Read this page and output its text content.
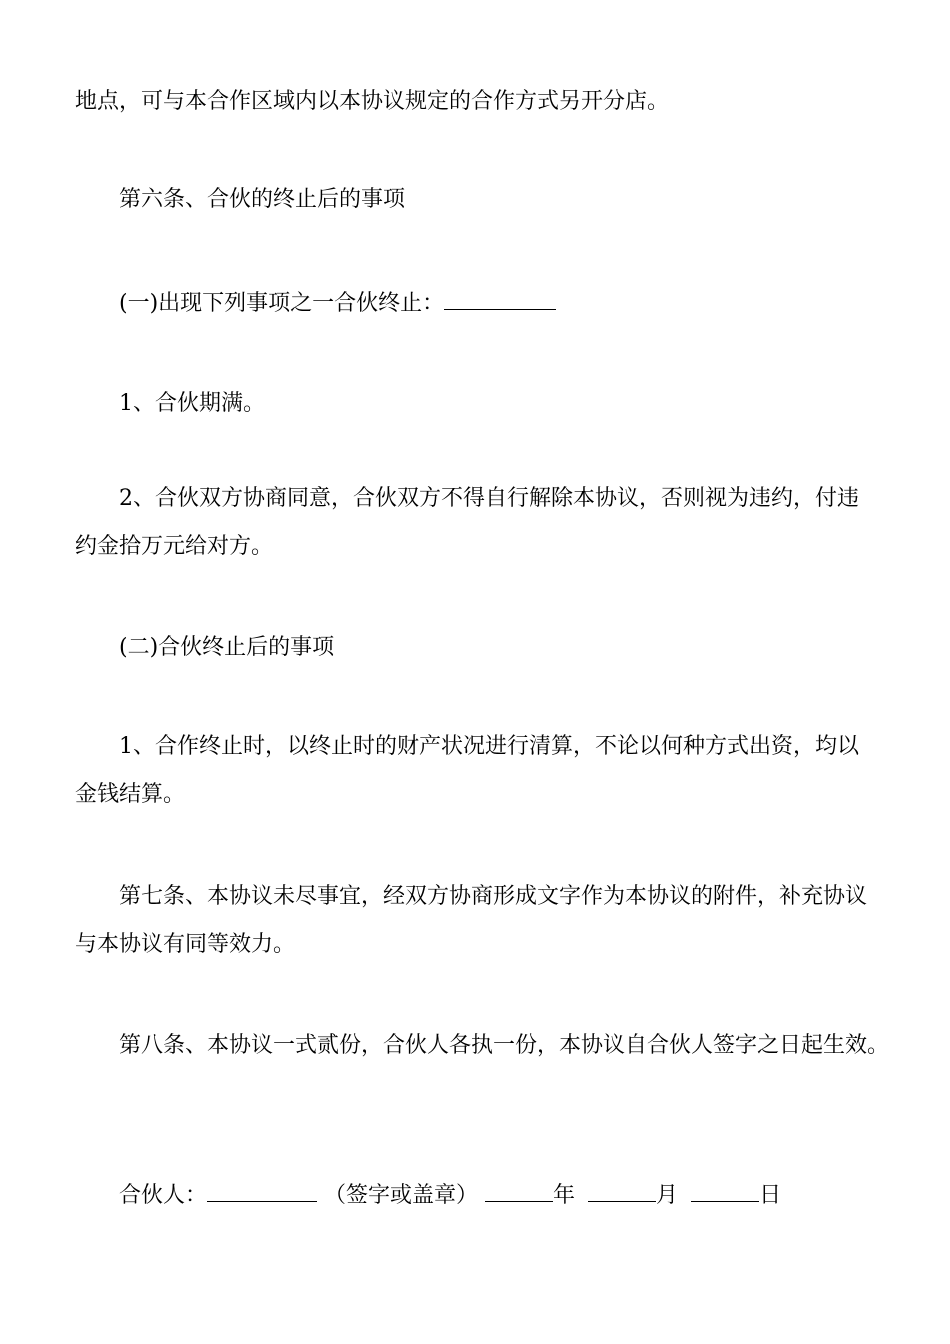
地点，可与本合作区域内以本协议规定的合作方式另开分店。
第六条、合伙的终止后的事项
(一)出现下列事项之一合伙终止：
1、合伙期满。
2、合伙双方协商同意，合伙双方不得自行解除本协议，否则视为违约，付违
约金拾万元给对方。
(二)合伙终止后的事项
1、合作终止时，以终止时的财产状况进行清算，不论以何种方式出资，均以
金钱结算。
第七条、本协议未尽事宜，经双方协商形成文字作为本协议的附件，补充协议
与本协议有同等效力。
第八条、本协议一式贰份，合伙人各执一份，本协议自合伙人签字之日起生效。
合伙人：	（签字或盖章）	年	月	日
